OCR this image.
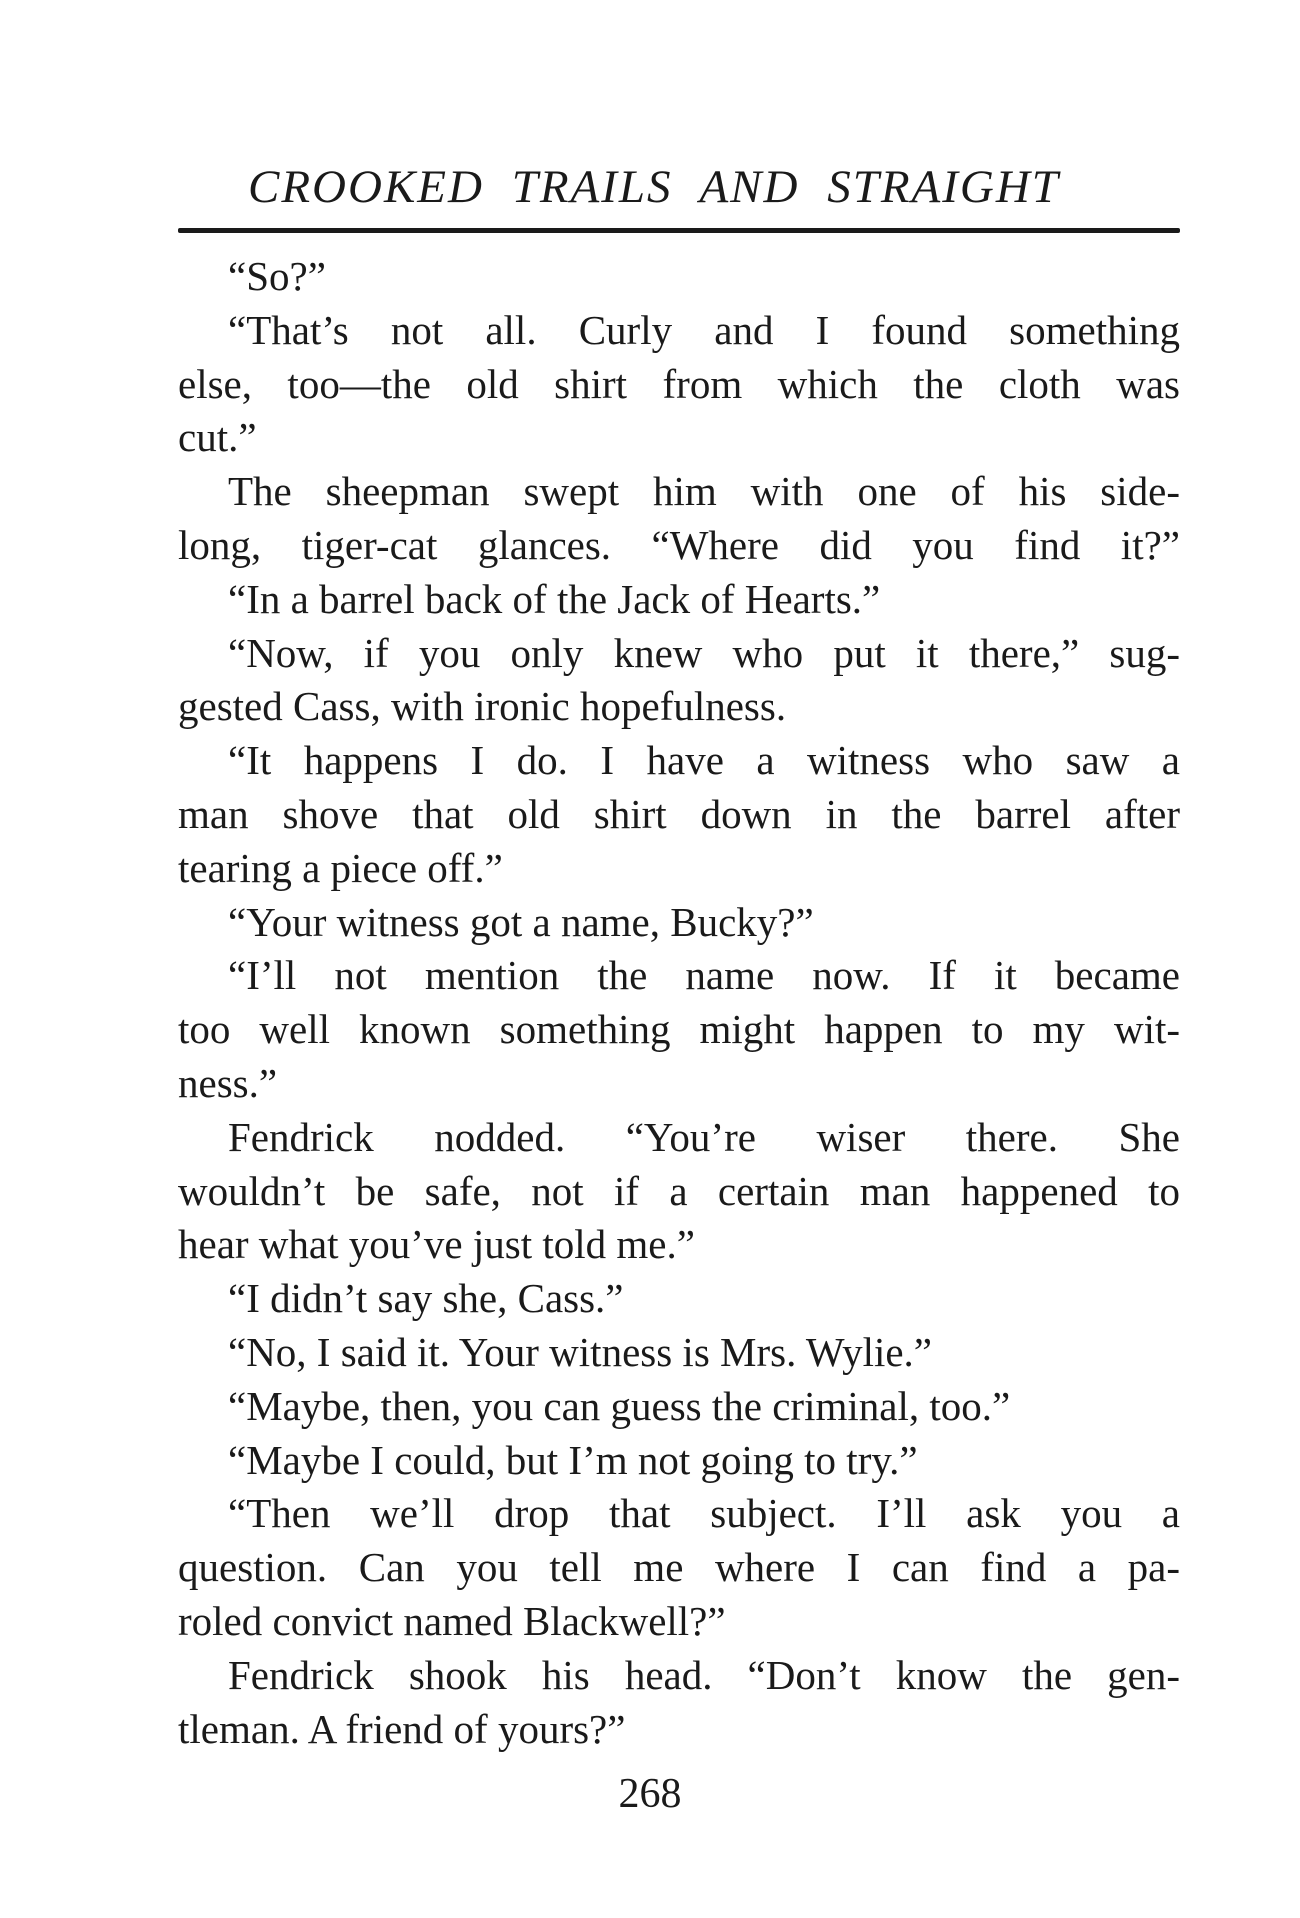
CROOKED TRAILS AND STRAIGHT
“So?”
“That’s not all. Curly and I found something
else, too—the old shirt from which the cloth was
cut.”
The sheepman swept him with one of his side-
long, tiger-cat glances. “Where did you find it?”
“In a barrel back of the Jack of Hearts.”
“Now, if you only knew who put it there,” sug-
gested Cass, with ironic hopefulness.
“It happens I do. I have a witness who saw a
man shove that old shirt down in the barrel after
tearing a piece off.”
“Your witness got a name, Bucky?”
“I’ll not mention the name now. If it became
too well known something might happen to my wit-
ness.”
Fendrick nodded. “You’re wiser there. She
wouldn’t be safe, not if a certain man happened to
hear what you’ve just told me.”
“I didn’t say she, Cass.”
“No, I said it. Your witness is Mrs. Wylie.”
“Maybe, then, you can guess the criminal, too.”
“Maybe I could, but I’m not going to try.”
“Then we’ll drop that subject. I’ll ask you a
question. Can you tell me where I can find a pa-
roled convict named Blackwell?”
Fendrick shook his head. “Don’t know the gen-
tleman. A friend of yours?”
268
